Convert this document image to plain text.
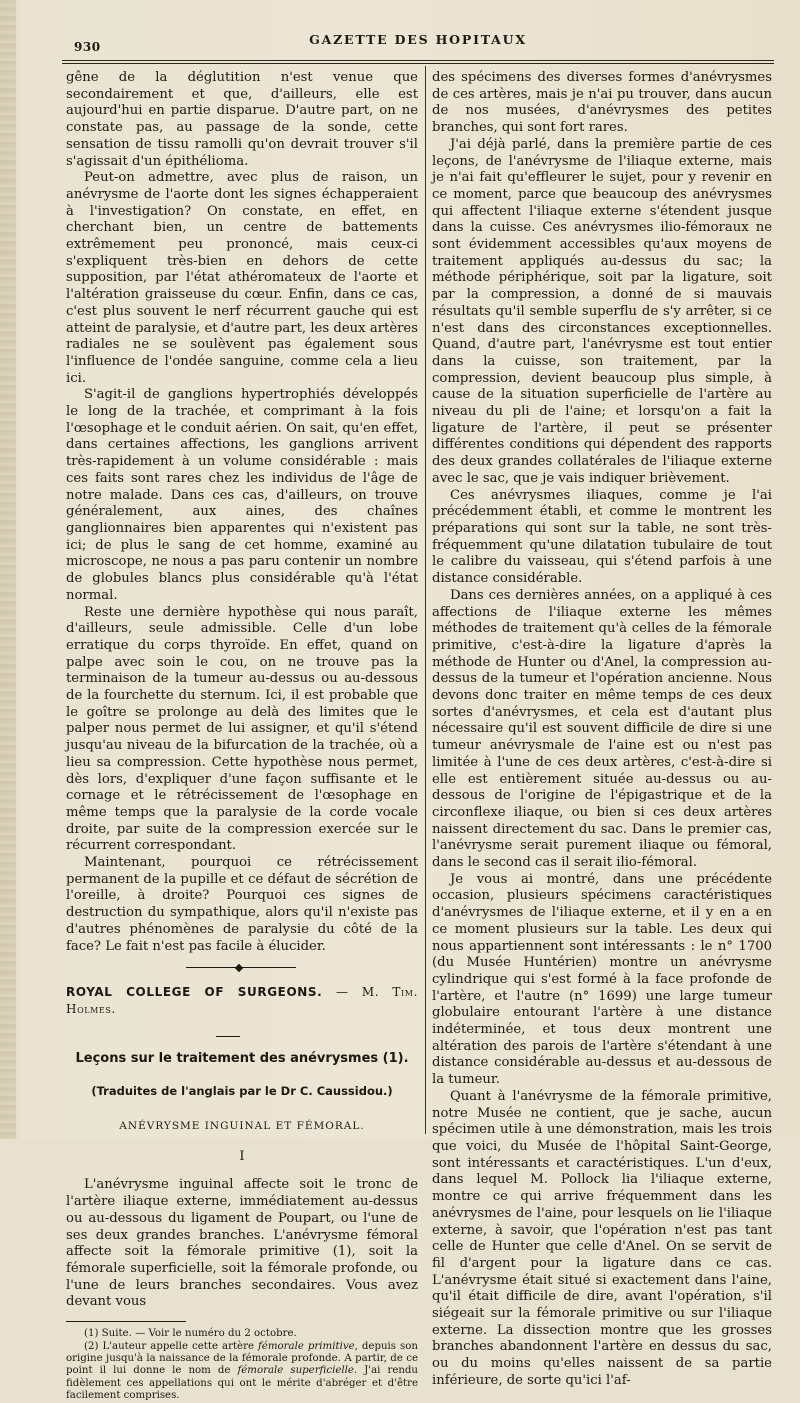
930	GAZETTE DES HOPITAUX

gêne de la déglutition n'est venue que secondairement et que, d'ailleurs, elle est aujourd'hui en partie disparue. D'autre part, on ne constate pas, au passage de la sonde, cette sensation de tissu ramolli qu'on devrait trouver s'il s'agissait d'un épithélioma.

Peut-on admettre, avec plus de raison, un anévrysme de l'aorte dont les signes échapperaient à l'investigation? On constate, en effet, en cherchant bien, un centre de battements extrêmement peu prononcé, mais ceux-ci s'expliquent très-bien en dehors de cette supposition, par l'état athéromateux de l'aorte et l'altération graisseuse du cœur. Enfin, dans ce cas, c'est plus souvent le nerf récurrent gauche qui est atteint de paralysie, et d'autre part, les deux artères radiales ne se soulèvent pas également sous l'influence de l'ondée sanguine, comme cela a lieu ici.

S'agit-il de ganglions hypertrophiés développés le long de la trachée, et comprimant à la fois l'œsophage et le conduit aérien. On sait, qu'en effet, dans certaines affections, les ganglions arrivent très-rapidement à un volume considérable : mais ces faits sont rares chez les individus de l'âge de notre malade. Dans ces cas, d'ailleurs, on trouve généralement, aux aines, des chaînes ganglionnaires bien apparentes qui n'existent pas ici; de plus le sang de cet homme, examiné au microscope, ne nous a pas paru contenir un nombre de globules blancs plus considérable qu'à l'état normal.

Reste une dernière hypothèse qui nous paraît, d'ailleurs, seule admissible. Celle d'un lobe erratique du corps thyroïde. En effet, quand on palpe avec soin le cou, on ne trouve pas la terminaison de la tumeur au-dessus ou au-dessous de la fourchette du sternum. Ici, il est probable que le goître se prolonge au delà des limites que le palper nous permet de lui assigner, et qu'il s'étend jusqu'au niveau de la bifurcation de la trachée, où a lieu sa compression. Cette hypothèse nous permet, dès lors, d'expliquer d'une façon suffisante et le cornage et le rétrécissement de l'œsophage en même temps que la paralysie de la corde vocale droite, par suite de la compression exercée sur le récurrent correspondant.

Maintenant, pourquoi ce rétrécissement permanent de la pupille et ce défaut de sécrétion de l'oreille, à droite? Pourquoi ces signes de destruction du sympathique, alors qu'il n'existe pas d'autres phénomènes de paralysie du côté de la face? Le fait n'est pas facile à élucider.

ROYAL COLLEGE OF SURGEONS. — M. Tim. Holmes.
Leçons sur le traitement des anévrysmes (1).
(Traduites de l'anglais par le Dr C. Caussidou.)
ANÉVRYSME INGUINAL ET FÉMORAL.
I

L'anévrysme inguinal affecte soit le tronc de l'artère iliaque externe, immédiatement au-dessus ou au-dessous du ligament de Poupart, ou l'une de ses deux grandes branches. L'anévrysme fémoral affecte soit la fémorale primitive (1), soit la fémorale superficielle, soit la fémorale profonde, ou l'une de leurs branches secondaires. Vous avez devant vous

(1) Suite. — Voir le numéro du 2 octobre.

(2) L'auteur appelle cette artère fémorale primitive, depuis son origine jusqu'à la naissance de la fémorale profonde. A partir, de ce point il lui donne le nom de fémorale superficielle. J'ai rendu fidèlement ces appellations qui ont le mérite d'abréger et d'être facilement comprises.

des spécimens des diverses formes d'anévrysmes de ces artères, mais je n'ai pu trouver, dans aucun de nos musées, d'anévrysmes des petites branches, qui sont fort rares.

J'ai déjà parlé, dans la première partie de ces leçons, de l'anévrysme de l'iliaque externe, mais je n'ai fait qu'effleurer le sujet, pour y revenir en ce moment, parce que beaucoup des anévrysmes qui affectent l'iliaque externe s'étendent jusque dans la cuisse. Ces anévrysmes ilio-fémoraux ne sont évidemment accessibles qu'aux moyens de traitement appliqués au-dessus du sac; la méthode périphérique, soit par la ligature, soit par la compression, a donné de si mauvais résultats qu'il semble superflu de s'y arrêter, si ce n'est dans des circonstances exceptionnelles. Quand, d'autre part, l'anévrysme est tout entier dans la cuisse, son traitement, par la compression, devient beaucoup plus simple, à cause de la situation superficielle de l'artère au niveau du pli de l'aine; et lorsqu'on a fait la ligature de l'artère, il peut se présenter différentes conditions qui dépendent des rapports des deux grandes collatérales de l'iliaque externe avec le sac, que je vais indiquer brièvement.

Ces anévrysmes iliaques, comme je l'ai précédemment établi, et comme le montrent les préparations qui sont sur la table, ne sont très-fréquemment qu'une dilatation tubulaire de tout le calibre du vaisseau, qui s'étend parfois à une distance considérable.

Dans ces dernières années, on a appliqué à ces affections de l'iliaque externe les mêmes méthodes de traitement qu'à celles de la fémorale primitive, c'est-à-dire la ligature d'après la méthode de Hunter ou d'Anel, la compression au-dessus de la tumeur et l'opération ancienne. Nous devons donc traiter en même temps de ces deux sortes d'anévrysmes, et cela est d'autant plus nécessaire qu'il est souvent difficile de dire si une tumeur anévrysmale de l'aine est ou n'est pas limitée à l'une de ces deux artères, c'est-à-dire si elle est entièrement située au-dessus ou au-dessous de l'origine de l'épigastrique et de la circonflexe iliaque, ou bien si ces deux artères naissent directement du sac. Dans le premier cas, l'anévrysme serait purement iliaque ou fémoral, dans le second cas il serait ilio-fémoral.

Je vous ai montré, dans une précédente occasion, plusieurs spécimens caractéristiques d'anévrysmes de l'iliaque externe, et il y en a en ce moment plusieurs sur la table. Les deux qui nous appartiennent sont intéressants : le n° 1700 (du Musée Huntérien) montre un anévrysme cylindrique qui s'est formé à la face profonde de l'artère, et l'autre (n° 1699) une large tumeur globulaire entourant l'artère à une distance indéterminée, et tous deux montrent une altération des parois de l'artère s'étendant à une distance considérable au-dessus et au-dessous de la tumeur.

Quant à l'anévrysme de la fémorale primitive, notre Musée ne contient, que je sache, aucun spécimen utile à une démonstration, mais les trois que voici, du Musée de l'hôpital Saint-George, sont intéressants et caractéristiques. L'un d'eux, dans lequel M. Pollock lia l'iliaque externe, montre ce qui arrive fréquemment dans les anévrysmes de l'aine, pour lesquels on lie l'iliaque externe, à savoir, que l'opération n'est pas tant celle de Hunter que celle d'Anel. On se servit de fil d'argent pour la ligature dans ce cas. L'anévrysme était situé si exactement dans l'aine, qu'il était difficile de dire, avant l'opération, s'il siégeait sur la fémorale primitive ou sur l'iliaque externe. La dissection montre que les grosses branches abandonnent l'artère en dessus du sac, ou du moins qu'elles naissent de sa partie inférieure, de sorte qu'ici l'af-
